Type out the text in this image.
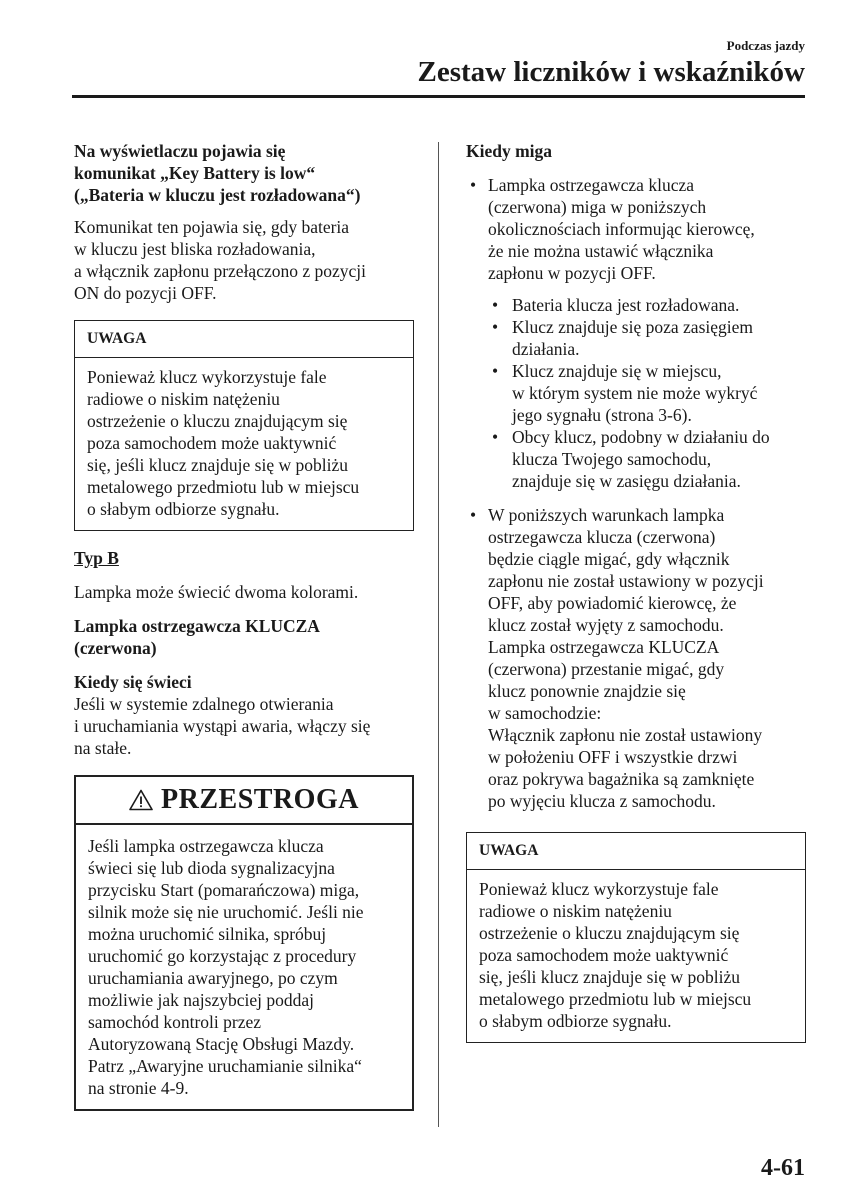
Podczas jazdy
Zestaw liczników i wskaźników

Na wyświetlaczu pojawia się

komunikat „Key Battery is low“

(„Bateria w kluczu jest rozładowana“)

Komunikat ten pojawia się, gdy bateria

w kluczu jest bliska rozładowania,

a włącznik zapłonu przełączono z pozycji

ON do pozycji OFF.

UWAGA

Ponieważ klucz wykorzystuje fale

radiowe o niskim natężeniu

ostrzeżenie o kluczu znajdującym się

poza samochodem może uaktywnić

się, jeśli klucz znajduje się w pobliżu

metalowego przedmiotu lub w miejscu

o słabym odbiorze sygnału.

Typ B

Lampka może świecić dwoma kolorami.

Lampka ostrzegawcza KLUCZA

(czerwona)

Kiedy się świeci

Jeśli w systemie zdalnego otwierania

i uruchamiania wystąpi awaria, włączy się

na stałe.

PRZESTROGA

Jeśli lampka ostrzegawcza klucza

świeci się lub dioda sygnalizacyjna

przycisku Start (pomarańczowa) miga,

silnik może się nie uruchomić. Jeśli nie

można uruchomić silnika, spróbuj

uruchomić go korzystając z procedury

uruchamiania awaryjnego, po czym

możliwie jak najszybciej poddaj

samochód kontroli przez

Autoryzowaną Stację Obsługi Mazdy.

Patrz „Awaryjne uruchamianie silnika“

na stronie 4-9.

Kiedy miga

• Lampka ostrzegawcza klucza

(czerwona) miga w poniższych

okolicznościach informując kierowcę,

że nie można ustawić włącznika

zapłonu w pozycji OFF.

• Bateria klucza jest rozładowana.

• Klucz znajduje się poza zasięgiem

działania.

• Klucz znajduje się w miejscu,

w którym system nie może wykryć

jego sygnału (strona 3-6).

• Obcy klucz, podobny w działaniu do

klucza Twojego samochodu,

znajduje się w zasięgu działania.

• W poniższych warunkach lampka

ostrzegawcza klucza (czerwona)

będzie ciągle migać, gdy włącznik

zapłonu nie został ustawiony w pozycji

OFF, aby powiadomić kierowcę, że

klucz został wyjęty z samochodu.

Lampka ostrzegawcza KLUCZA

(czerwona) przestanie migać, gdy

klucz ponownie znajdzie się

w samochodzie:

Włącznik zapłonu nie został ustawiony

w położeniu OFF i wszystkie drzwi

oraz pokrywa bagażnika są zamknięte

po wyjęciu klucza z samochodu.

UWAGA

Ponieważ klucz wykorzystuje fale

radiowe o niskim natężeniu

ostrzeżenie o kluczu znajdującym się

poza samochodem może uaktywnić

się, jeśli klucz znajduje się w pobliżu

metalowego przedmiotu lub w miejscu

o słabym odbiorze sygnału.

4-61
